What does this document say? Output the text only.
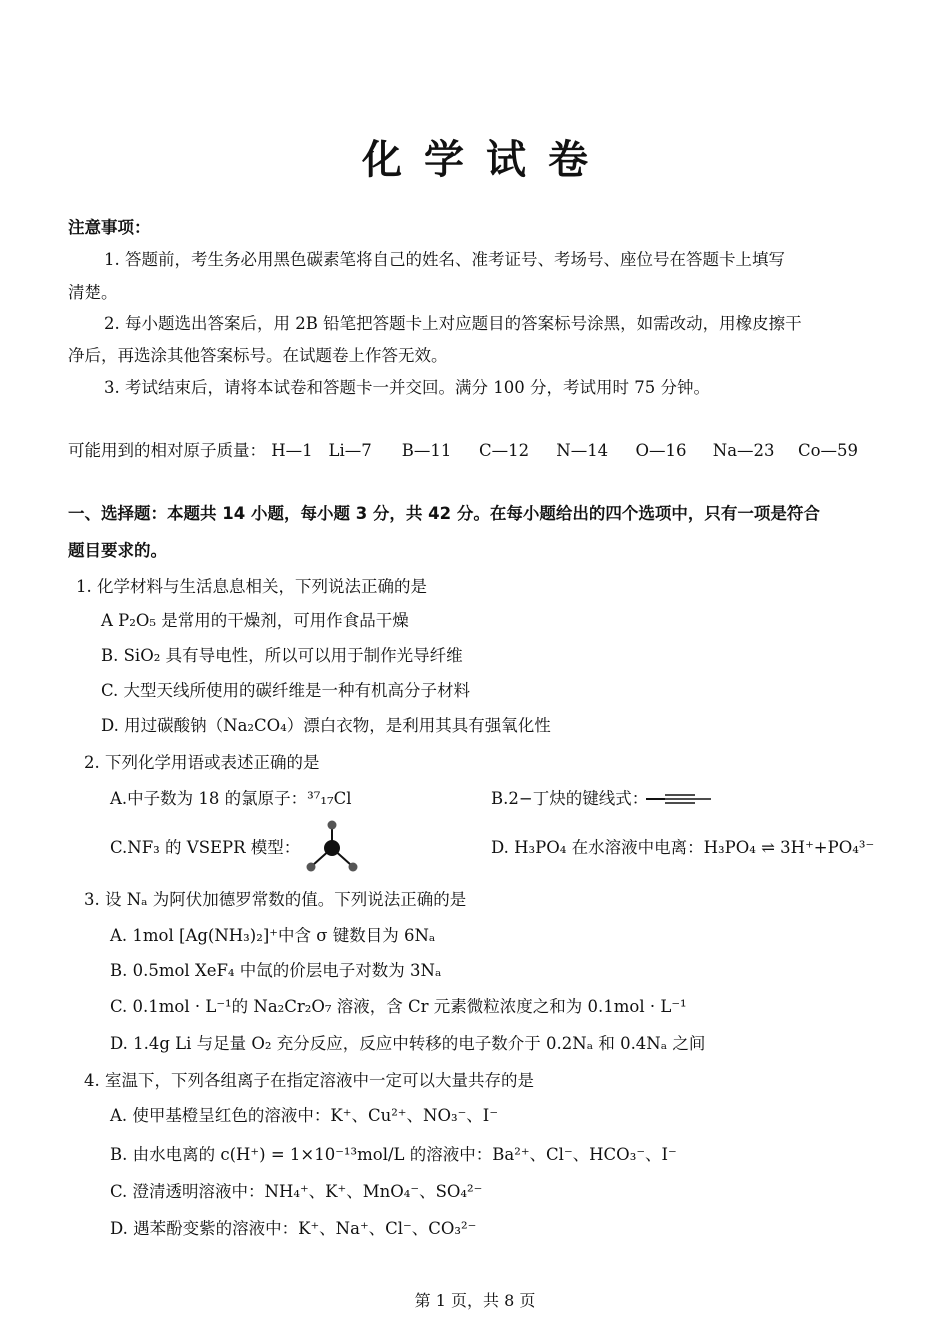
化学试卷
注意事项：
1. 答题前，考生务必用黑色碳素笔将自己的姓名、准考证号、考场号、座位号在答题卡上填写
清楚。
2. 每小题选出答案后，用 2B 铅笔把答题卡上对应题目的答案标号涂黑，如需改动，用橡皮擦干
净后，再选涂其他答案标号。在试题卷上作答无效。
3. 考试结束后，请将本试卷和答题卡一并交回。满分 100 分，考试用时 75 分钟。
可能用到的相对原子质量： H—1 Li—7 B—11 C—12 N—14 O—16 Na—23 Co—59
一、选择题：本题共 14 小题，每小题 3 分，共 42 分。在每小题给出的四个选项中，只有一项是符合
题目要求的。
1. 化学材料与生活息息相关，下列说法正确的是
A P₂O₅ 是常用的干燥剂，可用作食品干燥
B. SiO₂ 具有导电性，所以可以用于制作光导纤维
C. 大型天线所使用的碳纤维是一种有机高分子材料
D. 用过碳酸钠（Na₂CO₄）漂白衣物，是利用其具有强氧化性
2. 下列化学用语或表述正确的是
A.中子数为 18 的氯原子：³⁷₁₇Cl	B.2−丁炔的键线式：
C.NF₃ 的 VSEPR 模型：	D. H₃PO₄ 在水溶液中电离：H₃PO₄ ⇌ 3H⁺+PO₄³⁻
3. 设 Nₐ 为阿伏加德罗常数的值。下列说法正确的是
A. 1mol [Ag(NH₃)₂]⁺中含 σ 键数目为 6Nₐ
B. 0.5mol XeF₄ 中氙的价层电子对数为 3Nₐ
C. 0.1mol · L⁻¹的 Na₂Cr₂O₇ 溶液，含 Cr 元素微粒浓度之和为 0.1mol · L⁻¹
D. 1.4g Li 与足量 O₂ 充分反应，反应中转移的电子数介于 0.2Nₐ 和 0.4Nₐ 之间
4. 室温下，下列各组离子在指定溶液中一定可以大量共存的是
A. 使甲基橙呈红色的溶液中：K⁺、Cu²⁺、NO₃⁻、I⁻
B. 由水电离的 c(H⁺) = 1×10⁻¹³mol/L 的溶液中：Ba²⁺、Cl⁻、HCO₃⁻、I⁻
C. 澄清透明溶液中：NH₄⁺、K⁺、MnO₄⁻、SO₄²⁻
D. 遇苯酚变紫的溶液中：K⁺、Na⁺、Cl⁻、CO₃²⁻
第 1 页，共 8 页
